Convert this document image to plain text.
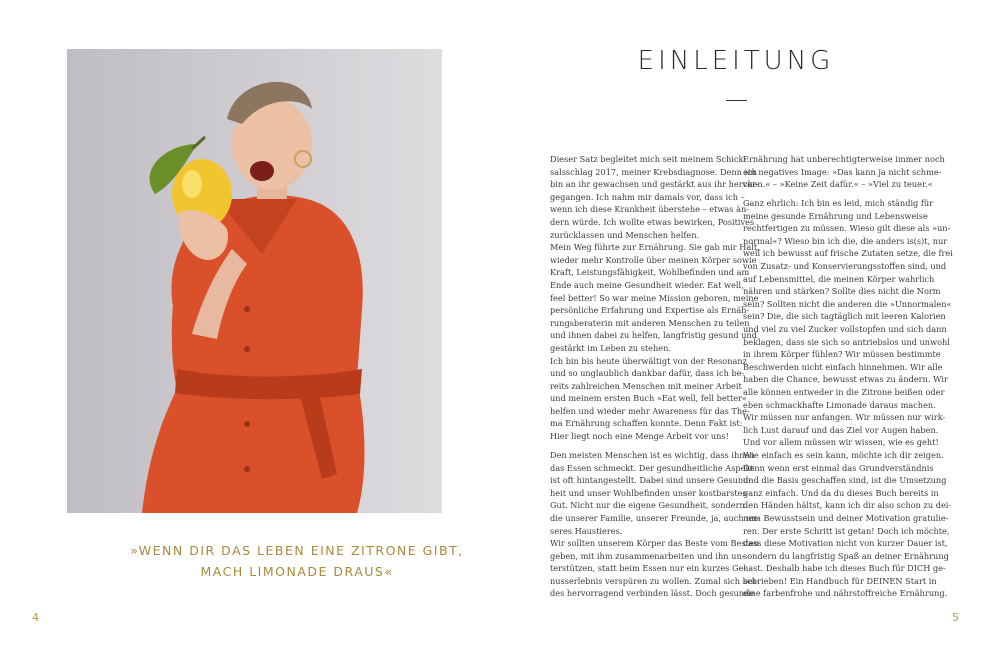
»WENN DIR DAS LEBEN EINE ZITRONE GIBT,
MACH LIMONADE DRAUS«
4
EINLEITUNG

Dieser Satz begleitet mich seit meinem Schick-

salsschlag 2017, meiner Krebsdiagnose. Denn ich

bin an ihr gewachsen und gestärkt aus ihr hervor-

gegangen. Ich nahm mir damals vor, dass ich –

wenn ich diese Krankheit überstehe – etwas än-

dern würde. Ich wollte etwas bewirken, Positives

zurücklassen und Menschen helfen.

Mein Weg führte zur Ernährung. Sie gab mir Halt,

wieder mehr Kontrolle über meinen Körper sowie

Kraft, Leistungsfähigkeit, Wohlbefinden und am

Ende auch meine Gesundheit wieder. Eat well,

feel better! So war meine Mission geboren, meine

persönliche Erfahrung und Expertise als Ernäh-

rungsberaterin mit anderen Menschen zu teilen

und ihnen dabei zu helfen, langfristig gesund und

gestärkt im Leben zu stehen.

Ich bin bis heute überwältigt von der Resonanz

und so unglaublich dankbar dafür, dass ich be-

reits zahlreichen Menschen mit meiner Arbeit

und meinem ersten Buch »Eat well, fell better«

helfen und wieder mehr Awareness für das The-

ma Ernährung schaffen konnte. Denn Fakt ist:

Hier liegt noch eine Menge Arbeit vor uns!

Den meisten Menschen ist es wichtig, dass ihnen

das Essen schmeckt. Der gesundheitliche Aspekt

ist oft hintangestellt. Dabei sind unsere Gesund-

heit und unser Wohlbefinden unser kostbarstes

Gut. Nicht nur die eigene Gesundheit, sondern

die unserer Familie, unserer Freunde, ja, auch un-

seres Haustieres.

Wir sollten unserem Körper das Beste vom Besten

geben, mit ihm zusammenarbeiten und ihn un-

terstützen, statt beim Essen nur ein kurzes Ge-

nusserlebnis verspüren zu wollen. Zumal sich bei-

des hervorragend verbinden lässt. Doch gesunde

Ernährung hat unberechtigterweise immer noch

ein negatives Image: »Das kann ja nicht schme-

cken.« – »Keine Zeit dafür.« – »Viel zu teuer.«

Ganz ehrlich: Ich bin es leid, mich ständig für

meine gesunde Ernährung und Lebensweise

rechtfertigen zu müssen. Wieso gilt diese als »un-

normal«? Wieso bin ich die, die anders is(s)t, nur

weil ich bewusst auf frische Zutaten setze, die frei

von Zusatz- und Konservierungsstoffen sind, und

auf Lebensmittel, die meinen Körper wahrlich

nähren und stärken? Sollte dies nicht die Norm

sein? Sollten nicht die anderen die »Unnormalen«

sein? Die, die sich tagtäglich mit leeren Kalorien

und viel zu viel Zucker vollstopfen und sich dann

beklagen, dass sie sich so antriebslos und unwohl

in ihrem Körper fühlen? Wir müssen bestimmte

Beschwerden nicht einfach hinnehmen. Wir alle

haben die Chance, bewusst etwas zu ändern. Wir

alle können entweder in die Zitrone beißen oder

eben schmackhafte Limonade daraus machen.

Wir müssen nur anfangen. Wir müssen nur wirk-

lich Lust darauf und das Ziel vor Augen haben.

Und vor allem müssen wir wissen, wie es geht!

Wie einfach es sein kann, möchte ich dir zeigen.

Denn wenn erst einmal das Grundverständnis

und die Basis geschaffen sind, ist die Umsetzung

ganz einfach. Und da du dieses Buch bereits in

den Händen hältst, kann ich dir also schon zu dei-

nem Bewusstsein und deiner Motivation gratulie-

ren. Der erste Schritt ist getan! Doch ich möchte,

dass diese Motivation nicht von kurzer Dauer ist,

sondern du langfristig Spaß an deiner Ernährung

hast. Deshalb habe ich dieses Buch für DICH ge-

schrieben! Ein Handbuch für DEINEN Start in

eine farbenfrohe und nährstoffreiche Ernährung.

5
